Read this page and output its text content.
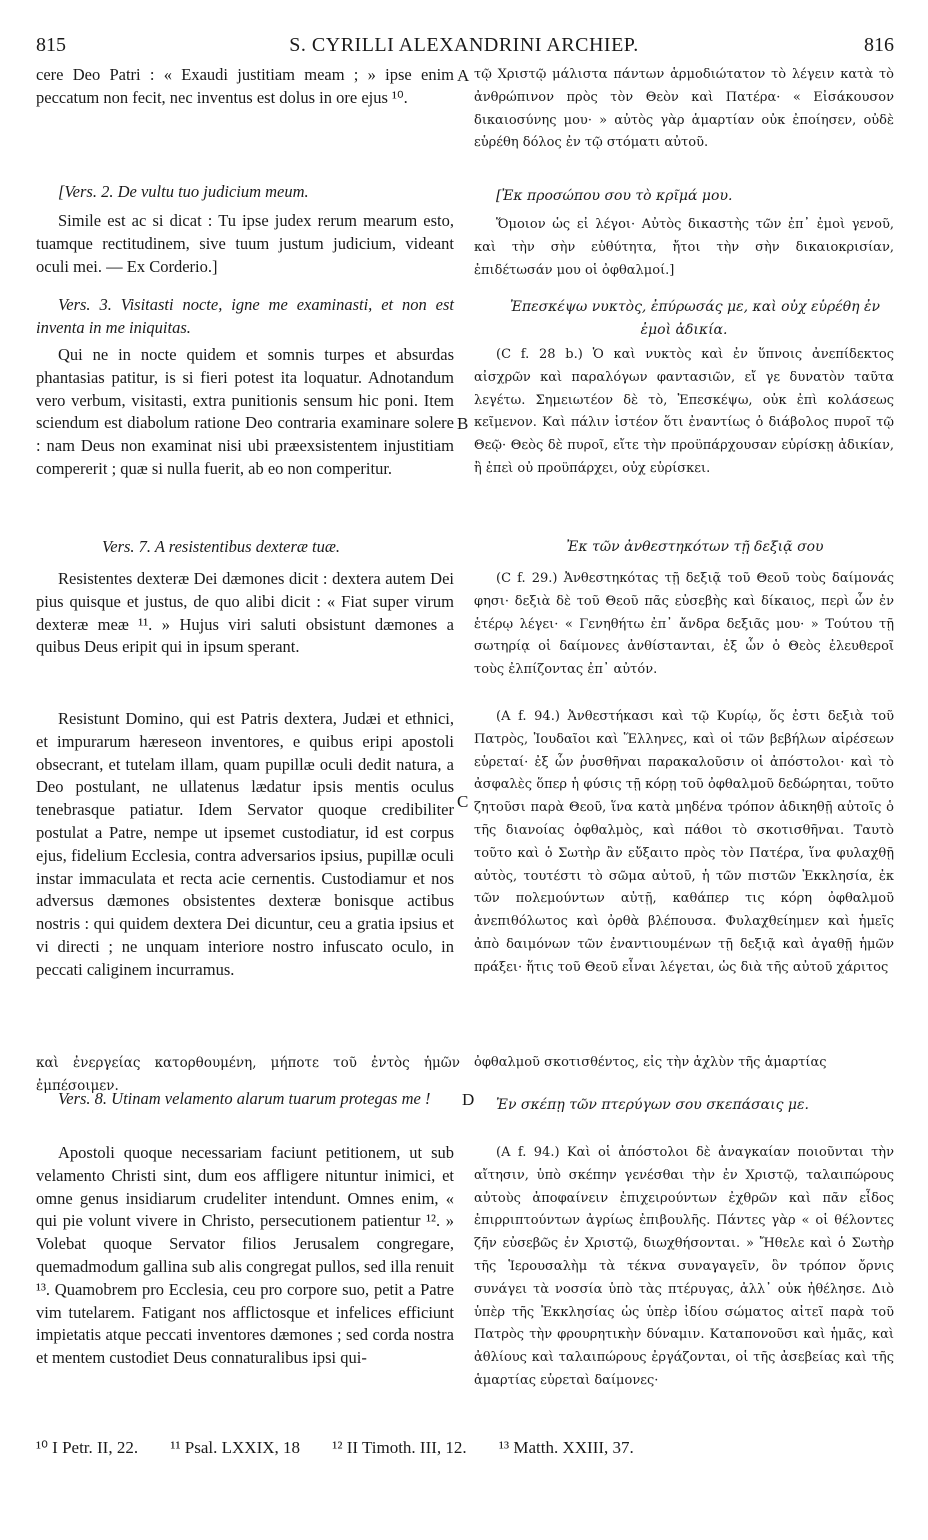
815	S. CYRILLI ALEXANDRINI ARCHIEP.	816
A
B
C
D
cere Deo Patri : « Exaudi justitiam meam ; » ipse enim peccatum non fecit, nec inventus est dolus in ore ejus ¹⁰.
[Vers. 2. De vultu tuo judicium meum.
Simile est ac si dicat : Tu ipse judex rerum mearum esto, tuamque rectitudinem, sive tuum justum judicium, videant oculi mei. — Ex Corderio.]
Vers. 3. Visitasti nocte, igne me examinasti, et non est inventa in me iniquitas.
Qui ne in nocte quidem et somnis turpes et absurdas phantasias patitur, is si fieri potest ita loquatur. Adnotandum vero verbum, visitasti, extra punitionis sensum hic poni. Item sciendum est diabolum ratione Deo contraria examinare solere : nam Deus non examinat nisi ubi præexsistentem injustitiam compererit ; quæ si nulla fuerit, ab eo non comperitur.
Vers. 7. A resistentibus dexteræ tuæ.
Resistentes dexteræ Dei dæmones dicit : dextera autem Dei pius quisque et justus, de quo alibi dicit : « Fiat super virum dexteræ meæ ¹¹. » Hujus viri saluti obsistunt dæmones a quibus Deus eripit qui in ipsum sperant.
Resistunt Domino, qui est Patris dextera, Judæi et ethnici, et impurarum hæreseon inventores, e quibus eripi apostoli obsecrant, et tutelam illam, quam pupillæ oculi dedit natura, a Deo postulant, ne ullatenus lædatur ipsis mentis oculus tenebrasque patiatur. Idem Servator quoque credibiliter postulat a Patre, nempe ut ipsemet custodiatur, id est corpus ejus, fidelium Ecclesia, contra adversarios ipsius, pupillæ oculi instar immaculata et recta acie cernentis. Custodiamur et nos adversus dæmones obsistentes dexteræ bonisque actibus nostris : qui quidem dextera Dei dicuntur, ceu a gratia ipsius et vi directi ; ne unquam interiore nostro infuscato oculo, in peccati caliginem incurramus.
καὶ ἐνεργείας κατορθουμένη, μήποτε τοῦ ἐντὸς ἡμῶν ἐμπέσοιμεν.
Vers. 8. Utinam velamento alarum tuarum protegas me !
Apostoli quoque necessariam faciunt petitionem, ut sub velamento Christi sint, dum eos affligere nituntur inimici, et omne genus insidiarum crudeliter intendunt. Omnes enim, « qui pie volunt vivere in Christo, persecutionem patientur ¹². » Volebat quoque Servator filios Jerusalem congregare, quemadmodum gallina sub alis congregat pullos, sed illa renuit ¹³. Quamobrem pro Ecclesia, ceu pro corpore suo, petit a Patre vim tutelarem. Fatigant nos afflictosque et infelices efficiunt impietatis atque peccati inventores dæmones ; sed corda nostra et mentem custodiet Deus connaturalibus ipsi qui-
τῷ Χριστῷ μάλιστα πάντων ἁρμοδιώτατον τὸ λέγειν κατὰ τὸ ἀνθρώπινον πρὸς τὸν Θεὸν καὶ Πατέρα· « Εἰσάκουσον δικαιοσύνης μου· » αὐτὸς γὰρ ἁμαρτίαν οὐκ ἐποίησεν, οὐδὲ εὑρέθη δόλος ἐν τῷ στόματι αὐτοῦ.
[Ἐκ προσώπου σου τὸ κρῖμά μου.
Ὅμοιον ὡς εἰ λέγοι· Αὐτὸς δικαστὴς τῶν ἐπ᾿ ἐμοὶ γενοῦ, καὶ τὴν σὴν εὐθύτητα, ἤτοι τὴν σὴν δικαιοκρισίαν, ἐπιδέτωσάν μου οἱ ὀφθαλμοί.]
Ἐπεσκέψω νυκτὸς, ἐπύρωσάς με, καὶ οὐχ εὑρέθη ἐν ἐμοὶ ἀδικία.
(C f. 28 b.) Ὁ καὶ νυκτὸς καὶ ἐν ὕπνοις ἀνεπίδεκτος αἰσχρῶν καὶ παραλόγων φαντασιῶν, εἴ γε δυνατὸν ταῦτα λεγέτω. Σημειωτέον δὲ τὸ, Ἐπεσκέψω, οὐκ ἐπὶ κολάσεως κεῖμενον. Καὶ πάλιν ἰστέον ὅτι ἐναντίως ὁ διάβολος πυροῖ τῷ Θεῷ· Θεὸς δὲ πυροῖ, εἴτε τὴν προϋπάρχουσαν εὑρίσκῃ ἀδικίαν, ἢ ἐπεὶ οὐ προϋπάρχει, οὐχ εὑρίσκει.
Ἐκ τῶν ἀνθεστηκότων τῇ δεξιᾷ σου
(C f. 29.) Ἀνθεστηκότας τῇ δεξιᾷ τοῦ Θεοῦ τοὺς δαίμονάς φησι· δεξιὰ δὲ τοῦ Θεοῦ πᾶς εὐσεβὴς καὶ δίκαιος, περὶ ὧν ἐν ἑτέρῳ λέγει· « Γενηθήτω ἐπ᾿ ἄνδρα δεξιᾶς μου· » Τούτου τῇ σωτηρίᾳ οἱ δαίμονες ἀνθίστανται, ἐξ ὧν ὁ Θεὸς ἐλευθεροῖ τοὺς ἐλπίζοντας ἐπ᾿ αὐτόν.
(A f. 94.) Ἀνθεστήκασι καὶ τῷ Κυρίῳ, ὅς ἐστι δεξιὰ τοῦ Πατρὸς, Ἰουδαῖοι καὶ Ἕλληνες, καὶ οἱ τῶν βεβήλων αἱρέσεων εὑρεταί· ἐξ ὧν ῥυσθῆναι παρακαλοῦσιν οἱ ἀπόστολοι· καὶ τὸ ἀσφαλὲς ὅπερ ἡ φύσις τῇ κόρῃ τοῦ ὀφθαλμοῦ δεδώρηται, τοῦτο ζητοῦσι παρὰ Θεοῦ, ἵνα κατὰ μηδένα τρόπον ἀδικηθῇ αὐτοῖς ὁ τῆς διανοίας ὀφθαλμὸς, καὶ πάθοι τὸ σκοτισθῆναι. Ταυτὸ τοῦτο καὶ ὁ Σωτὴρ ἂν εὔξαιτο πρὸς τὸν Πατέρα, ἵνα φυλαχθῇ αὐτὸς, τουτέστι τὸ σῶμα αὐτοῦ, ἡ τῶν πιστῶν Ἐκκλησία, ἐκ τῶν πολεμούντων αὐτῇ, καθάπερ τις κόρη ὀφθαλμοῦ ἀνεπιθόλωτος καὶ ὀρθὰ βλέπουσα. Φυλαχθείημεν καὶ ἡμεῖς ἀπὸ δαιμόνων τῶν ἐναντιουμένων τῇ δεξιᾷ καὶ ἀγαθῇ ἡμῶν πράξει· ἥτις τοῦ Θεοῦ εἶναι λέγεται, ὡς διὰ τῆς αὐτοῦ χάριτος
ὀφθαλμοῦ σκοτισθέντος, εἰς τὴν ἀχλὺν τῆς ἁμαρτίας
Ἐν σκέπῃ τῶν πτερύγων σου σκεπάσαις με.
(A f. 94.) Καὶ οἱ ἀπόστολοι δὲ ἀναγκαίαν ποιοῦνται τὴν αἴτησιν, ὑπὸ σκέπην γενέσθαι τὴν ἐν Χριστῷ, ταλαιπώρους αὐτοὺς ἀποφαίνειν ἐπιχειρούντων ἐχθρῶν καὶ πᾶν εἶδος ἐπιρριπτούντων ἀγρίως ἐπιβουλῆς. Πάντες γὰρ « οἱ θέλοντες ζῆν εὐσεβῶς ἐν Χριστῷ, διωχθήσονται. » Ἤθελε καὶ ὁ Σωτὴρ τῆς Ἱερουσαλὴμ τὰ τέκνα συναγαγεῖν, ὃν τρόπον ὄρνις συνάγει τὰ νοσσία ὑπὸ τὰς πτέρυγας, ἀλλ᾿ οὐκ ἠθέλησε. Διὸ ὑπὲρ τῆς Ἐκκλησίας ὡς ὑπὲρ ἰδίου σώματος αἰτεῖ παρὰ τοῦ Πατρὸς τὴν φρουρητικὴν δύναμιν. Καταπονοῦσι καὶ ἡμᾶς, καὶ ἀθλίους καὶ ταλαιπώρους ἐργάζονται, οἱ τῆς ἀσεβείας καὶ τῆς ἁμαρτίας εὑρεταὶ δαίμονες·
¹⁰ I Petr. II, 22. ¹¹ Psal. LXXIX, 18 ¹² II Timoth. III, 12. ¹³ Matth. XXIII, 37.
